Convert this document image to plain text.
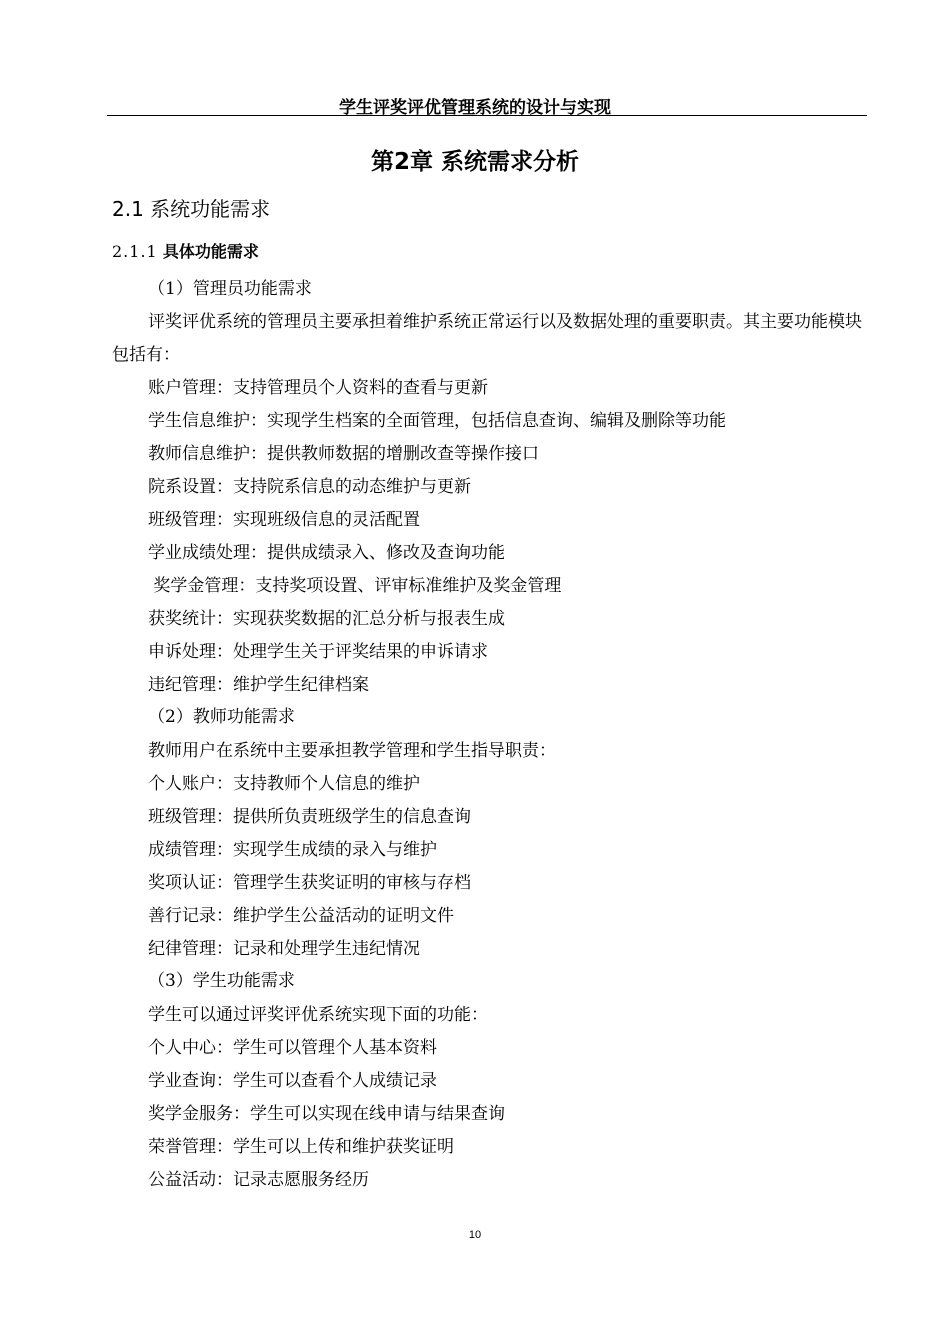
学生评奖评优管理系统的设计与实现
第2章 系统需求分析
2.1 系统功能需求
2.1.1 具体功能需求
（1）管理员功能需求

评奖评优系统的管理员主要承担着维护系统正常运行以及数据处理的重要职责。其主要功能模块包括有：

账户管理：支持管理员个人资料的查看与更新
学生信息维护：实现学生档案的全面管理，包括信息查询、编辑及删除等功能
教师信息维护：提供教师数据的增删改查等操作接口
院系设置：支持院系信息的动态维护与更新
班级管理：实现班级信息的灵活配置
学业成绩处理：提供成绩录入、修改及查询功能
奖学金管理：支持奖项设置、评审标准维护及奖金管理
获奖统计：实现获奖数据的汇总分析与报表生成
申诉处理：处理学生关于评奖结果的申诉请求
违纪管理：维护学生纪律档案
（2）教师功能需求
教师用户在系统中主要承担教学管理和学生指导职责：
个人账户：支持教师个人信息的维护
班级管理：提供所负责班级学生的信息查询
成绩管理：实现学生成绩的录入与维护
奖项认证：管理学生获奖证明的审核与存档
善行记录：维护学生公益活动的证明文件
纪律管理：记录和处理学生违纪情况
（3）学生功能需求
学生可以通过评奖评优系统实现下面的功能：
个人中心：学生可以管理个人基本资料
学业查询：学生可以查看个人成绩记录
奖学金服务：学生可以实现在线申请与结果查询
荣誉管理：学生可以上传和维护获奖证明
公益活动：记录志愿服务经历
10
